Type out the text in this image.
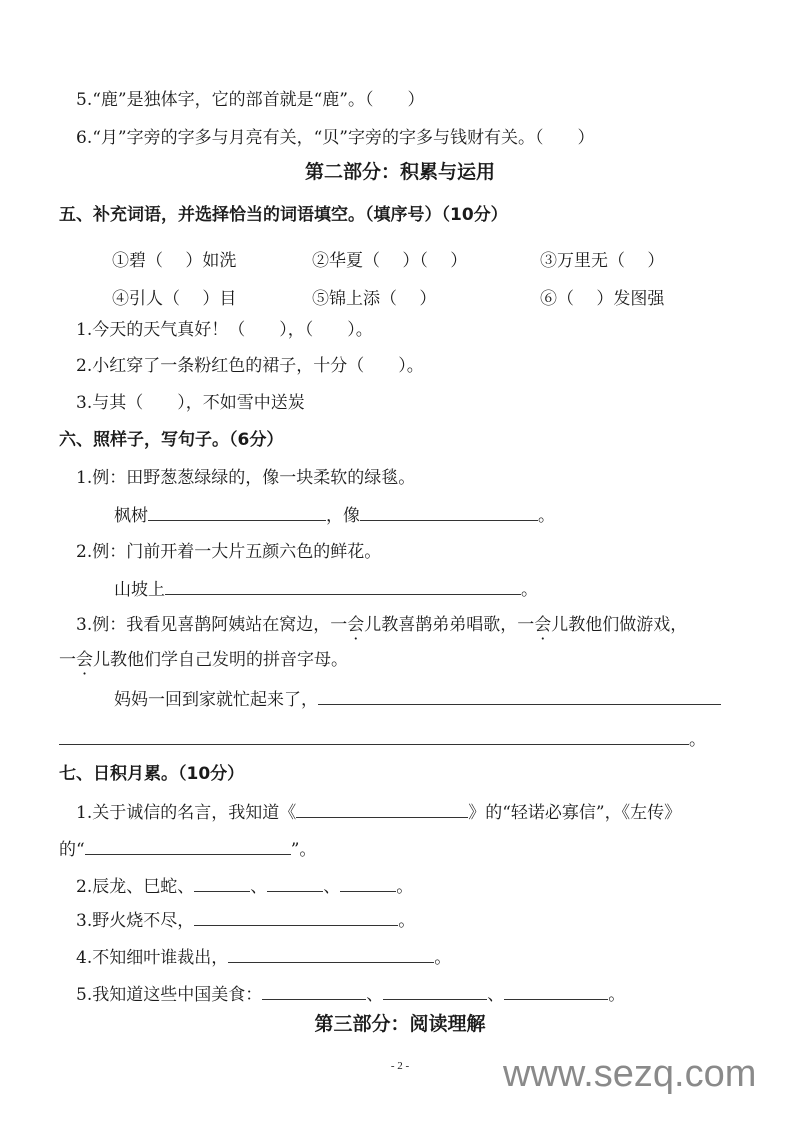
5.“鹿”是独体字，它的部首就是“鹿”。（　　）
6.“月”字旁的字多与月亮有关，“贝”字旁的字多与钱财有关。（　　）
第二部分：积累与运用
五、补充词语，并选择恰当的词语填空。（填序号）（10分）
①碧（　 ）如洗	②华夏（　 ）（　 ）	③万里无（　 ）
④引人（　 ）目	⑤锦上添（　 ）	⑥（　 ）发图强
1.今天的天气真好！（　　），（　　）。
2.小红穿了一条粉红色的裙子，十分（　　）。
3.与其（　　），不如雪中送炭
六、照样子，写句子。（6分）
1.例：田野葱葱绿绿的，像一块柔软的绿毯。
枫树	，像	。
2.例：门前开着一大片五颜六色的鲜花。
山坡上	。
3.例：我看见喜鹊阿姨站在窝边，一会儿教喜鹊弟弟唱歌，一会儿教他们做游戏，
一会儿教他们学自己发明的拼音字母。
妈妈一回到家就忙起来了，
。
七、日积月累。（10分）
1.关于诚信的名言，我知道《	》的“轻诺必寡信”，《左传》
的“	”。
2.辰龙、巳蛇、	、	、	。
3.野火烧不尽，	。
4.不知细叶谁裁出，	。
5.我知道这些中国美食：	、	、	。
第三部分：阅读理解
- 2 -	www.sezq.com
